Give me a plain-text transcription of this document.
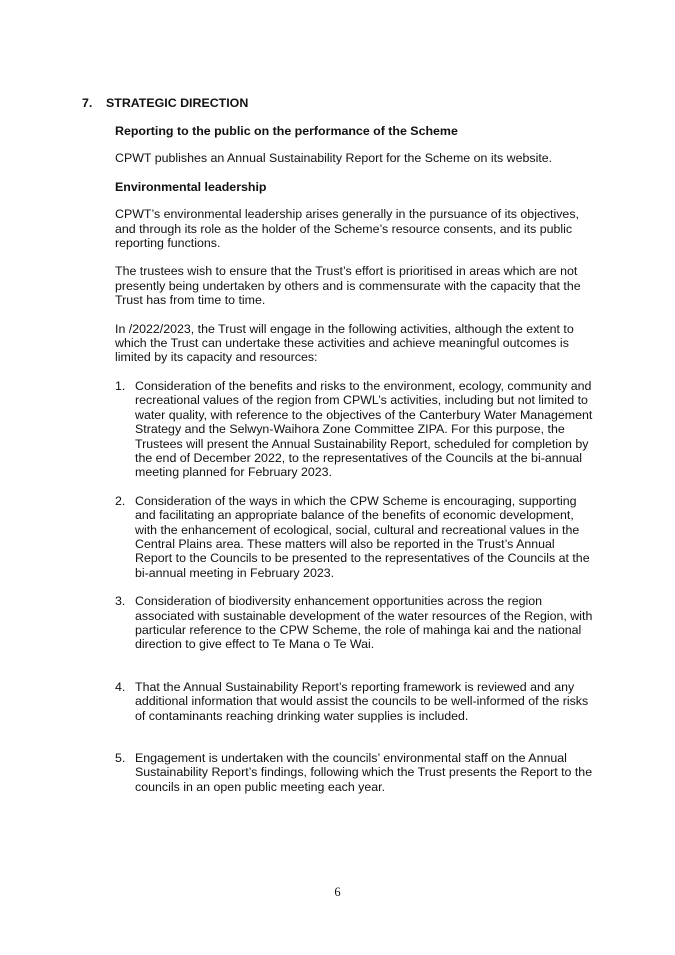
7. STRATEGIC DIRECTION
Reporting to the public on the performance of the Scheme

CPWT publishes an Annual Sustainability Report for the Scheme on its website.

Environmental leadership

CPWT’s environmental leadership arises generally in the pursuance of its objectives, and through its role as the holder of the Scheme’s resource consents, and its public reporting functions.

The trustees wish to ensure that the Trust’s effort is prioritised in areas which are not presently being undertaken by others and is commensurate with the capacity that the Trust has from time to time.

In /2022/2023, the Trust will engage in the following activities, although the extent to which the Trust can undertake these activities and achieve meaningful outcomes is limited by its capacity and resources:

1. Consideration of the benefits and risks to the environment, ecology, community and recreational values of the region from CPWL’s activities, including but not limited to water quality, with reference to the objectives of the Canterbury Water Management Strategy and the Selwyn-Waihora Zone Committee ZIPA. For this purpose, the Trustees will present the Annual Sustainability Report, scheduled for completion by the end of December 2022, to the representatives of the Councils at the bi-annual meeting planned for February 2023.
2. Consideration of the ways in which the CPW Scheme is encouraging, supporting and facilitating an appropriate balance of the benefits of economic development, with the enhancement of ecological, social, cultural and recreational values in the Central Plains area. These matters will also be reported in the Trust’s Annual Report to the Councils to be presented to the representatives of the Councils at the bi-annual meeting in February 2023.
3. Consideration of biodiversity enhancement opportunities across the region associated with sustainable development of the water resources of the Region, with particular reference to the CPW Scheme, the role of mahinga kai and the national direction to give effect to Te Mana o Te Wai.
4. That the Annual Sustainability Report’s reporting framework is reviewed and any additional information that would assist the councils to be well-informed of the risks of contaminants reaching drinking water supplies is included.
5. Engagement is undertaken with the councils’ environmental staff on the Annual Sustainability Report’s findings, following which the Trust presents the Report to the councils in an open public meeting each year.
6
